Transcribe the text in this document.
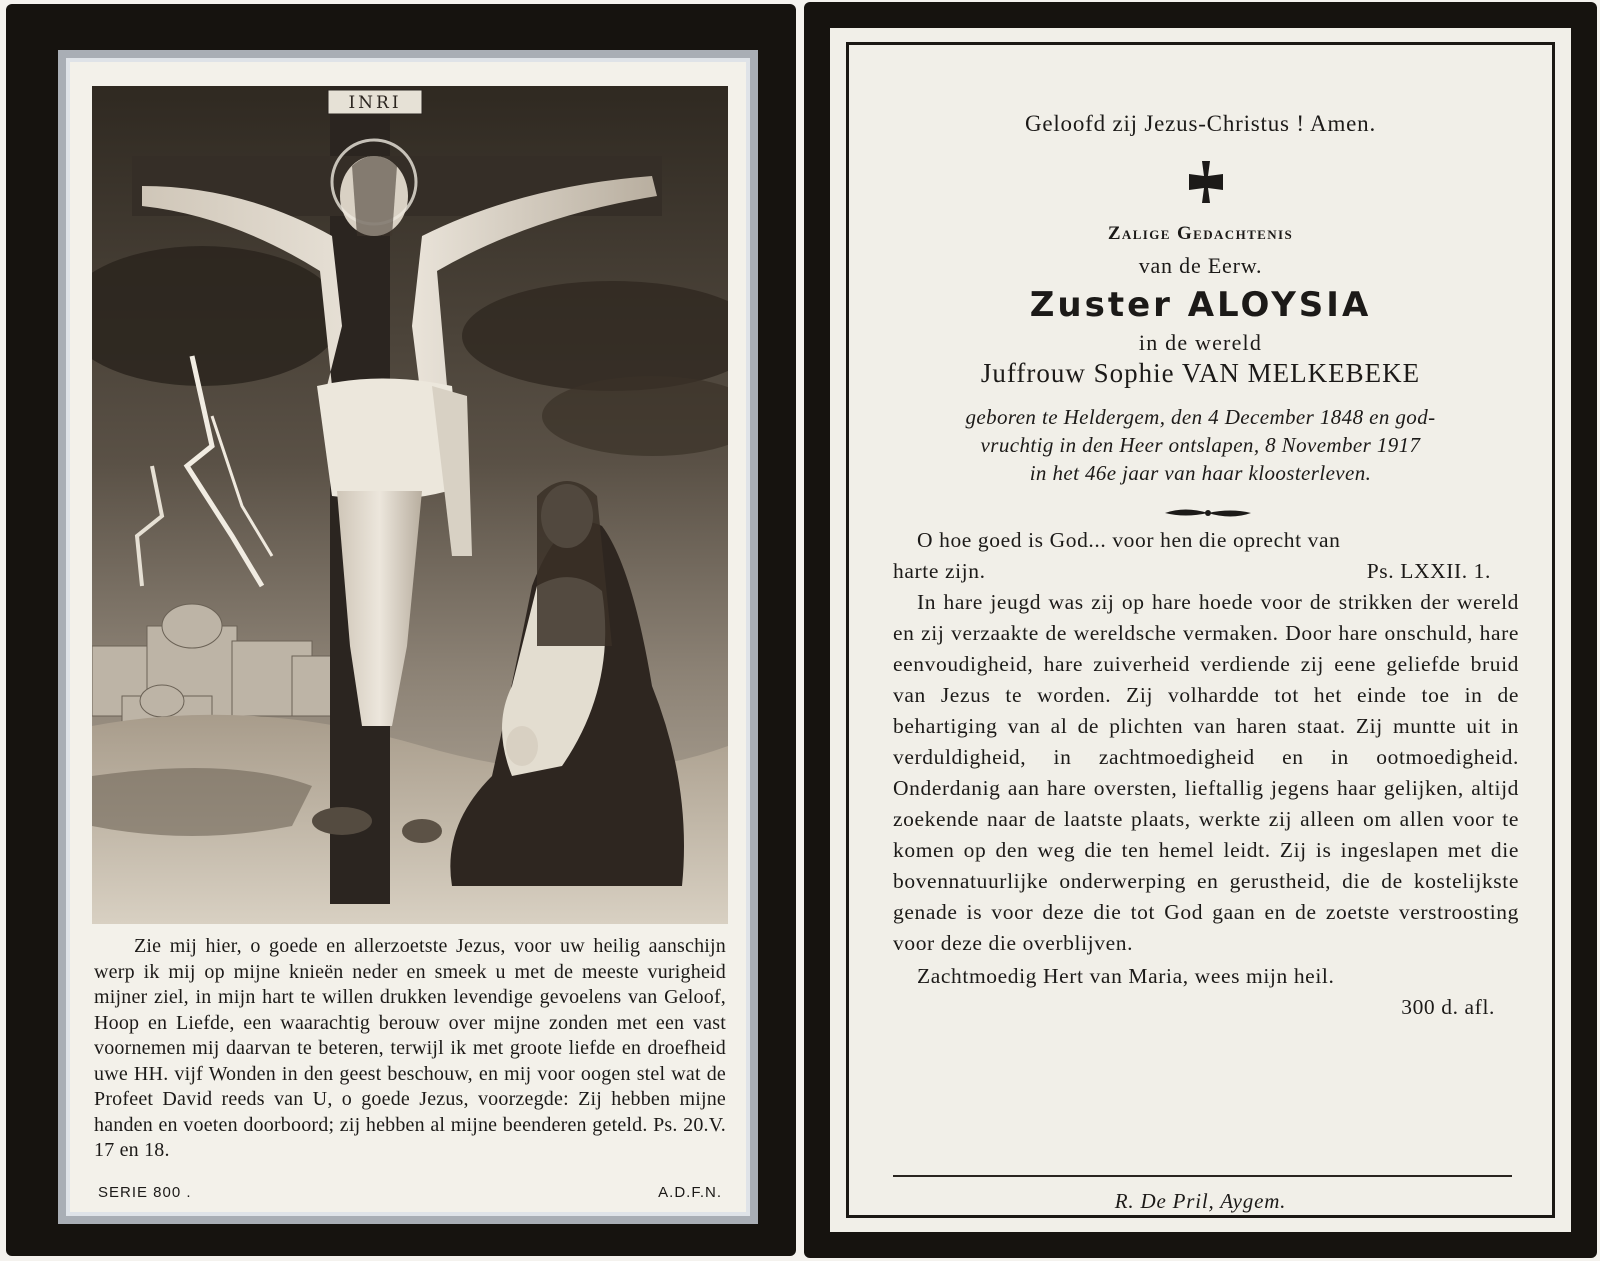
INRI

Zie mij hier, o goede en allerzoetste Jezus, voor uw heilig aanschijn werp ik mij op mijne knieën neder en smeek u met de meeste vurigheid mijner ziel, in mijn hart te willen drukken levendige gevoelens van Geloof, Hoop en Liefde, een waarachtig berouw over mijne zonden met een vast voornemen mij daarvan te beteren, terwijl ik met groote liefde en droefheid uwe HH. vijf Wonden in den geest beschouw, en mij voor oogen stel wat de Profeet David reeds van U, o goede Jezus, voorzegde: Zij hebben mijne handen en voeten doorboord; zij hebben al mijne beenderen geteld. Ps. 20.V. 17 en 18.

SERIE 800 .	A.D.F.N.
Geloofd zij Jezus-Christus ! Amen.
Zalige Gedachtenis
van de Eerw.
Zuster ALOYSIA
in de wereld
Juffrouw Sophie VAN MELKEBEKE
geboren te Heldergem, den 4 December 1848 en god-
vruchtig in den Heer ontslapen, 8 November 1917
in het 46e jaar van haar kloosterleven.

O hoe goed is God... voor hen die oprecht van

harte zijn.	Ps. LXXII. 1.

In hare jeugd was zij op hare hoede voor de strikken der wereld en zij verzaakte de wereldsche vermaken. Door hare onschuld, hare eenvoudigheid, hare zuiverheid verdiende zij eene geliefde bruid van Jezus te worden. Zij volhardde tot het einde toe in de behartiging van al de plichten van haren staat. Zij muntte uit in verduldigheid, in zachtmoedigheid en in ootmoedigheid. Onderdanig aan hare oversten, lieftallig jegens haar gelijken, altijd zoekende naar de laatste plaats, werkte zij alleen om allen voor te komen op den weg die ten hemel leidt. Zij is ingeslapen met die bovennatuurlijke onderwerping en gerustheid, die de kostelijkste genade is voor deze die tot God gaan en de zoetste verstroosting voor deze die overblijven.

Zachtmoedig Hert van Maria, wees mijn heil.

300 d. afl.
R. De Pril, Aygem.
